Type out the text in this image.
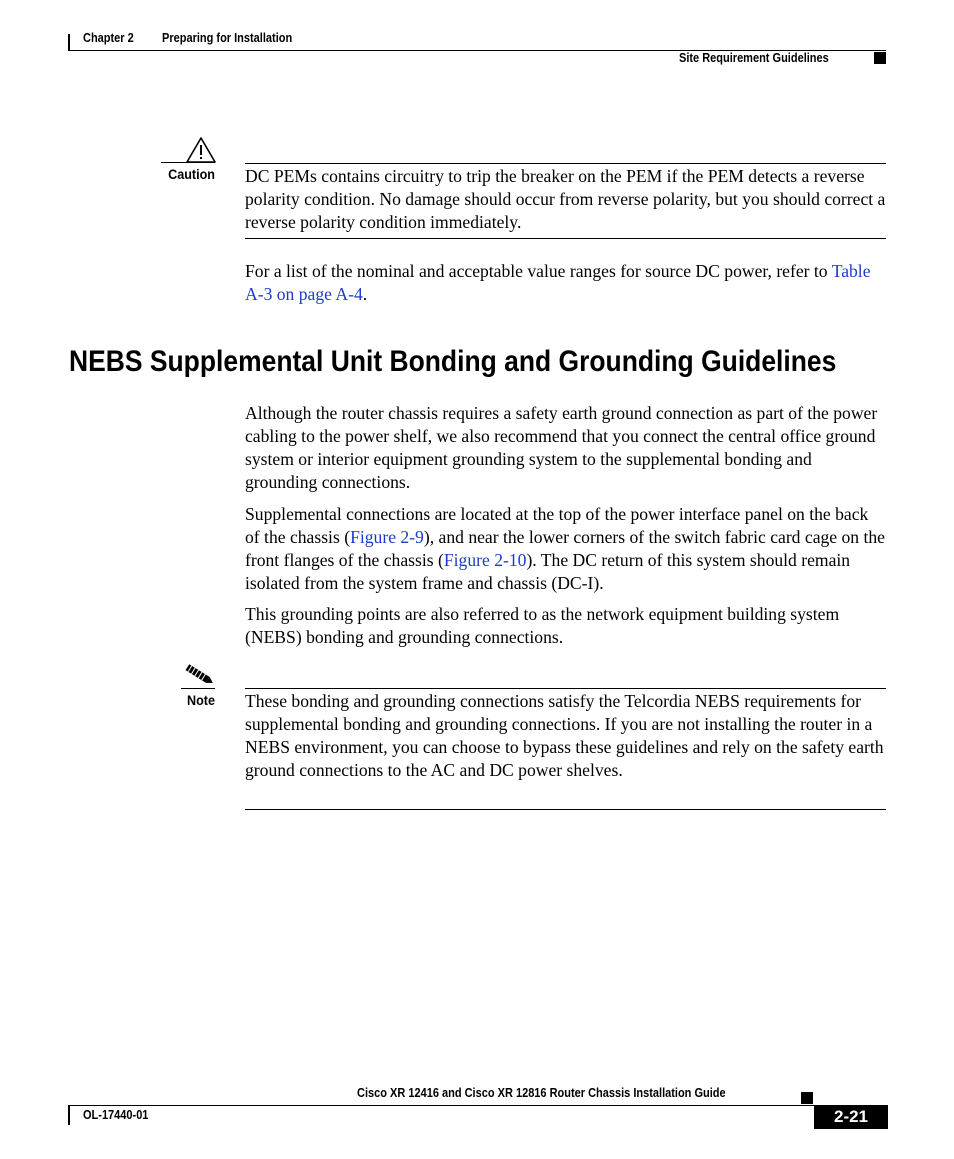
Chapter 2 Preparing for Installation
Site Requirement Guidelines
Caution DC PEMs contains circuitry to trip the breaker on the PEM if the PEM detects a reverse polarity condition. No damage should occur from reverse polarity, but you should correct a reverse polarity condition immediately.

For a list of the nominal and acceptable value ranges for source DC power, refer to Table A-3 on page A-4.

NEBS Supplemental Unit Bonding and Grounding Guidelines

Although the router chassis requires a safety earth ground connection as part of the power cabling to the power shelf, we also recommend that you connect the central office ground system or interior equipment grounding system to the supplemental bonding and grounding connections.

Supplemental connections are located at the top of the power interface panel on the back of the chassis (Figure 2-9), and near the lower corners of the switch fabric card cage on the front flanges of the chassis (Figure 2-10). The DC return of this system should remain isolated from the system frame and chassis (DC-I).

This grounding points are also referred to as the network equipment building system (NEBS) bonding and grounding connections.

Note These bonding and grounding connections satisfy the Telcordia NEBS requirements for supplemental bonding and grounding connections. If you are not installing the router in a NEBS environment, you can choose to bypass these guidelines and rely on the safety earth ground connections to the AC and DC power shelves.

Cisco XR 12416 and Cisco XR 12816 Router Chassis Installation Guide
OL-17440-01	2-21
